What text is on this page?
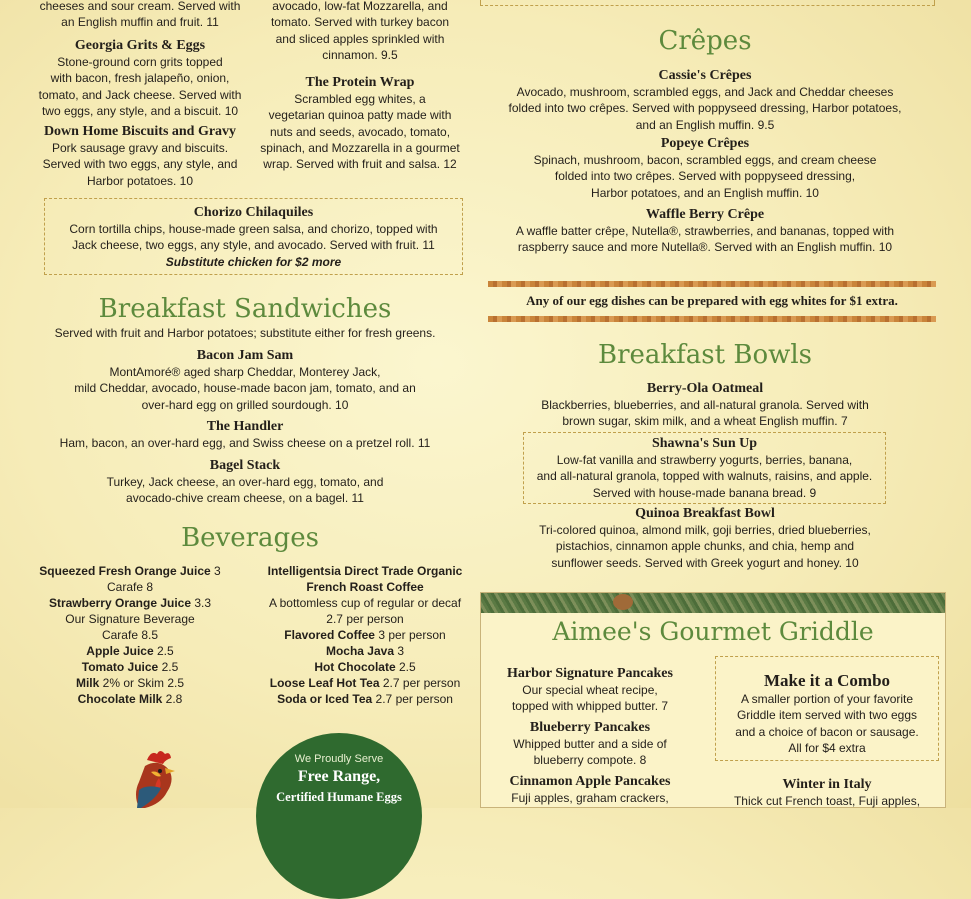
cheeses and sour cream. Served with
an English muffin and fruit. 11
Georgia Grits & Eggs
Stone-ground corn grits topped
with bacon, fresh jalapeño, onion,
tomato, and Jack cheese. Served with
two eggs, any style, and a biscuit. 10
Down Home Biscuits and Gravy
Pork sausage gravy and biscuits.
Served with two eggs, any style, and
Harbor potatoes. 10
Chorizo Chilaquiles
Corn tortilla chips, house-made green salsa, and chorizo, topped with
Jack cheese, two eggs, any style, and avocado. Served with fruit. 11
Substitute chicken for $2 more
avocado, low-fat Mozzarella, and
tomato. Served with turkey bacon
and sliced apples sprinkled with
cinnamon. 9.5
The Protein Wrap
Scrambled egg whites, a
vegetarian quinoa patty made with
nuts and seeds, avocado, tomato,
spinach, and Mozzarella in a gourmet
wrap. Served with fruit and salsa. 12
Breakfast Sandwiches
Served with fruit and Harbor potatoes; substitute either for fresh greens.
Bacon Jam Sam
MontAmoré® aged sharp Cheddar, Monterey Jack,
mild Cheddar, avocado, house-made bacon jam, tomato, and an
over-hard egg on grilled sourdough. 10
The Handler
Ham, bacon, an over-hard egg, and Swiss cheese on a pretzel roll. 11
Bagel Stack
Turkey, Jack cheese, an over-hard egg, tomato, and
avocado-chive cream cheese, on a bagel. 11
Beverages
Squeezed Fresh Orange Juice 3
Carafe 8
Strawberry Orange Juice 3.3
Our Signature Beverage
Carafe 8.5
Apple Juice 2.5
Tomato Juice 2.5
Milk 2% or Skim 2.5
Chocolate Milk 2.8
Intelligentsia Direct Trade Organic
French Roast Coffee
A bottomless cup of regular or decaf
2.7 per person
Flavored Coffee 3 per person
Mocha Java 3
Hot Chocolate 2.5
Loose Leaf Hot Tea 2.7 per person
Soda or Iced Tea 2.7 per person
We Proudly Serve
Free Range,
Certified Humane Eggs
Crêpes
Cassie's Crêpes
Avocado, mushroom, scrambled eggs, and Jack and Cheddar cheeses
folded into two crêpes. Served with poppyseed dressing, Harbor potatoes,
and an English muffin. 9.5
Popeye Crêpes
Spinach, mushroom, bacon, scrambled eggs, and cream cheese
folded into two crêpes. Served with poppyseed dressing,
Harbor potatoes, and an English muffin. 10
Waffle Berry Crêpe
A waffle batter crêpe, Nutella®, strawberries, and bananas, topped with
raspberry sauce and more Nutella®. Served with an English muffin. 10
Any of our egg dishes can be prepared with egg whites for $1 extra.
Breakfast Bowls
Berry-Ola Oatmeal
Blackberries, blueberries, and all-natural granola. Served with
brown sugar, skim milk, and a wheat English muffin. 7
Shawna's Sun Up
Low-fat vanilla and strawberry yogurts, berries, banana,
and all-natural granola, topped with walnuts, raisins, and apple.
Served with house-made banana bread. 9
Quinoa Breakfast Bowl
Tri-colored quinoa, almond milk, goji berries, dried blueberries,
pistachios, cinnamon apple chunks, and chia, hemp and
sunflower seeds. Served with Greek yogurt and honey. 10
Aimee's Gourmet Griddle
Harbor Signature Pancakes
Our special wheat recipe,
topped with whipped butter. 7
Blueberry Pancakes
Whipped butter and a side of
blueberry compote. 8
Cinnamon Apple Pancakes
Fuji apples, graham crackers,
Make it a Combo
A smaller portion of your favorite
Griddle item served with two eggs
and a choice of bacon or sausage.
All for $4 extra
Winter in Italy
Thick cut French toast, Fuji apples,
